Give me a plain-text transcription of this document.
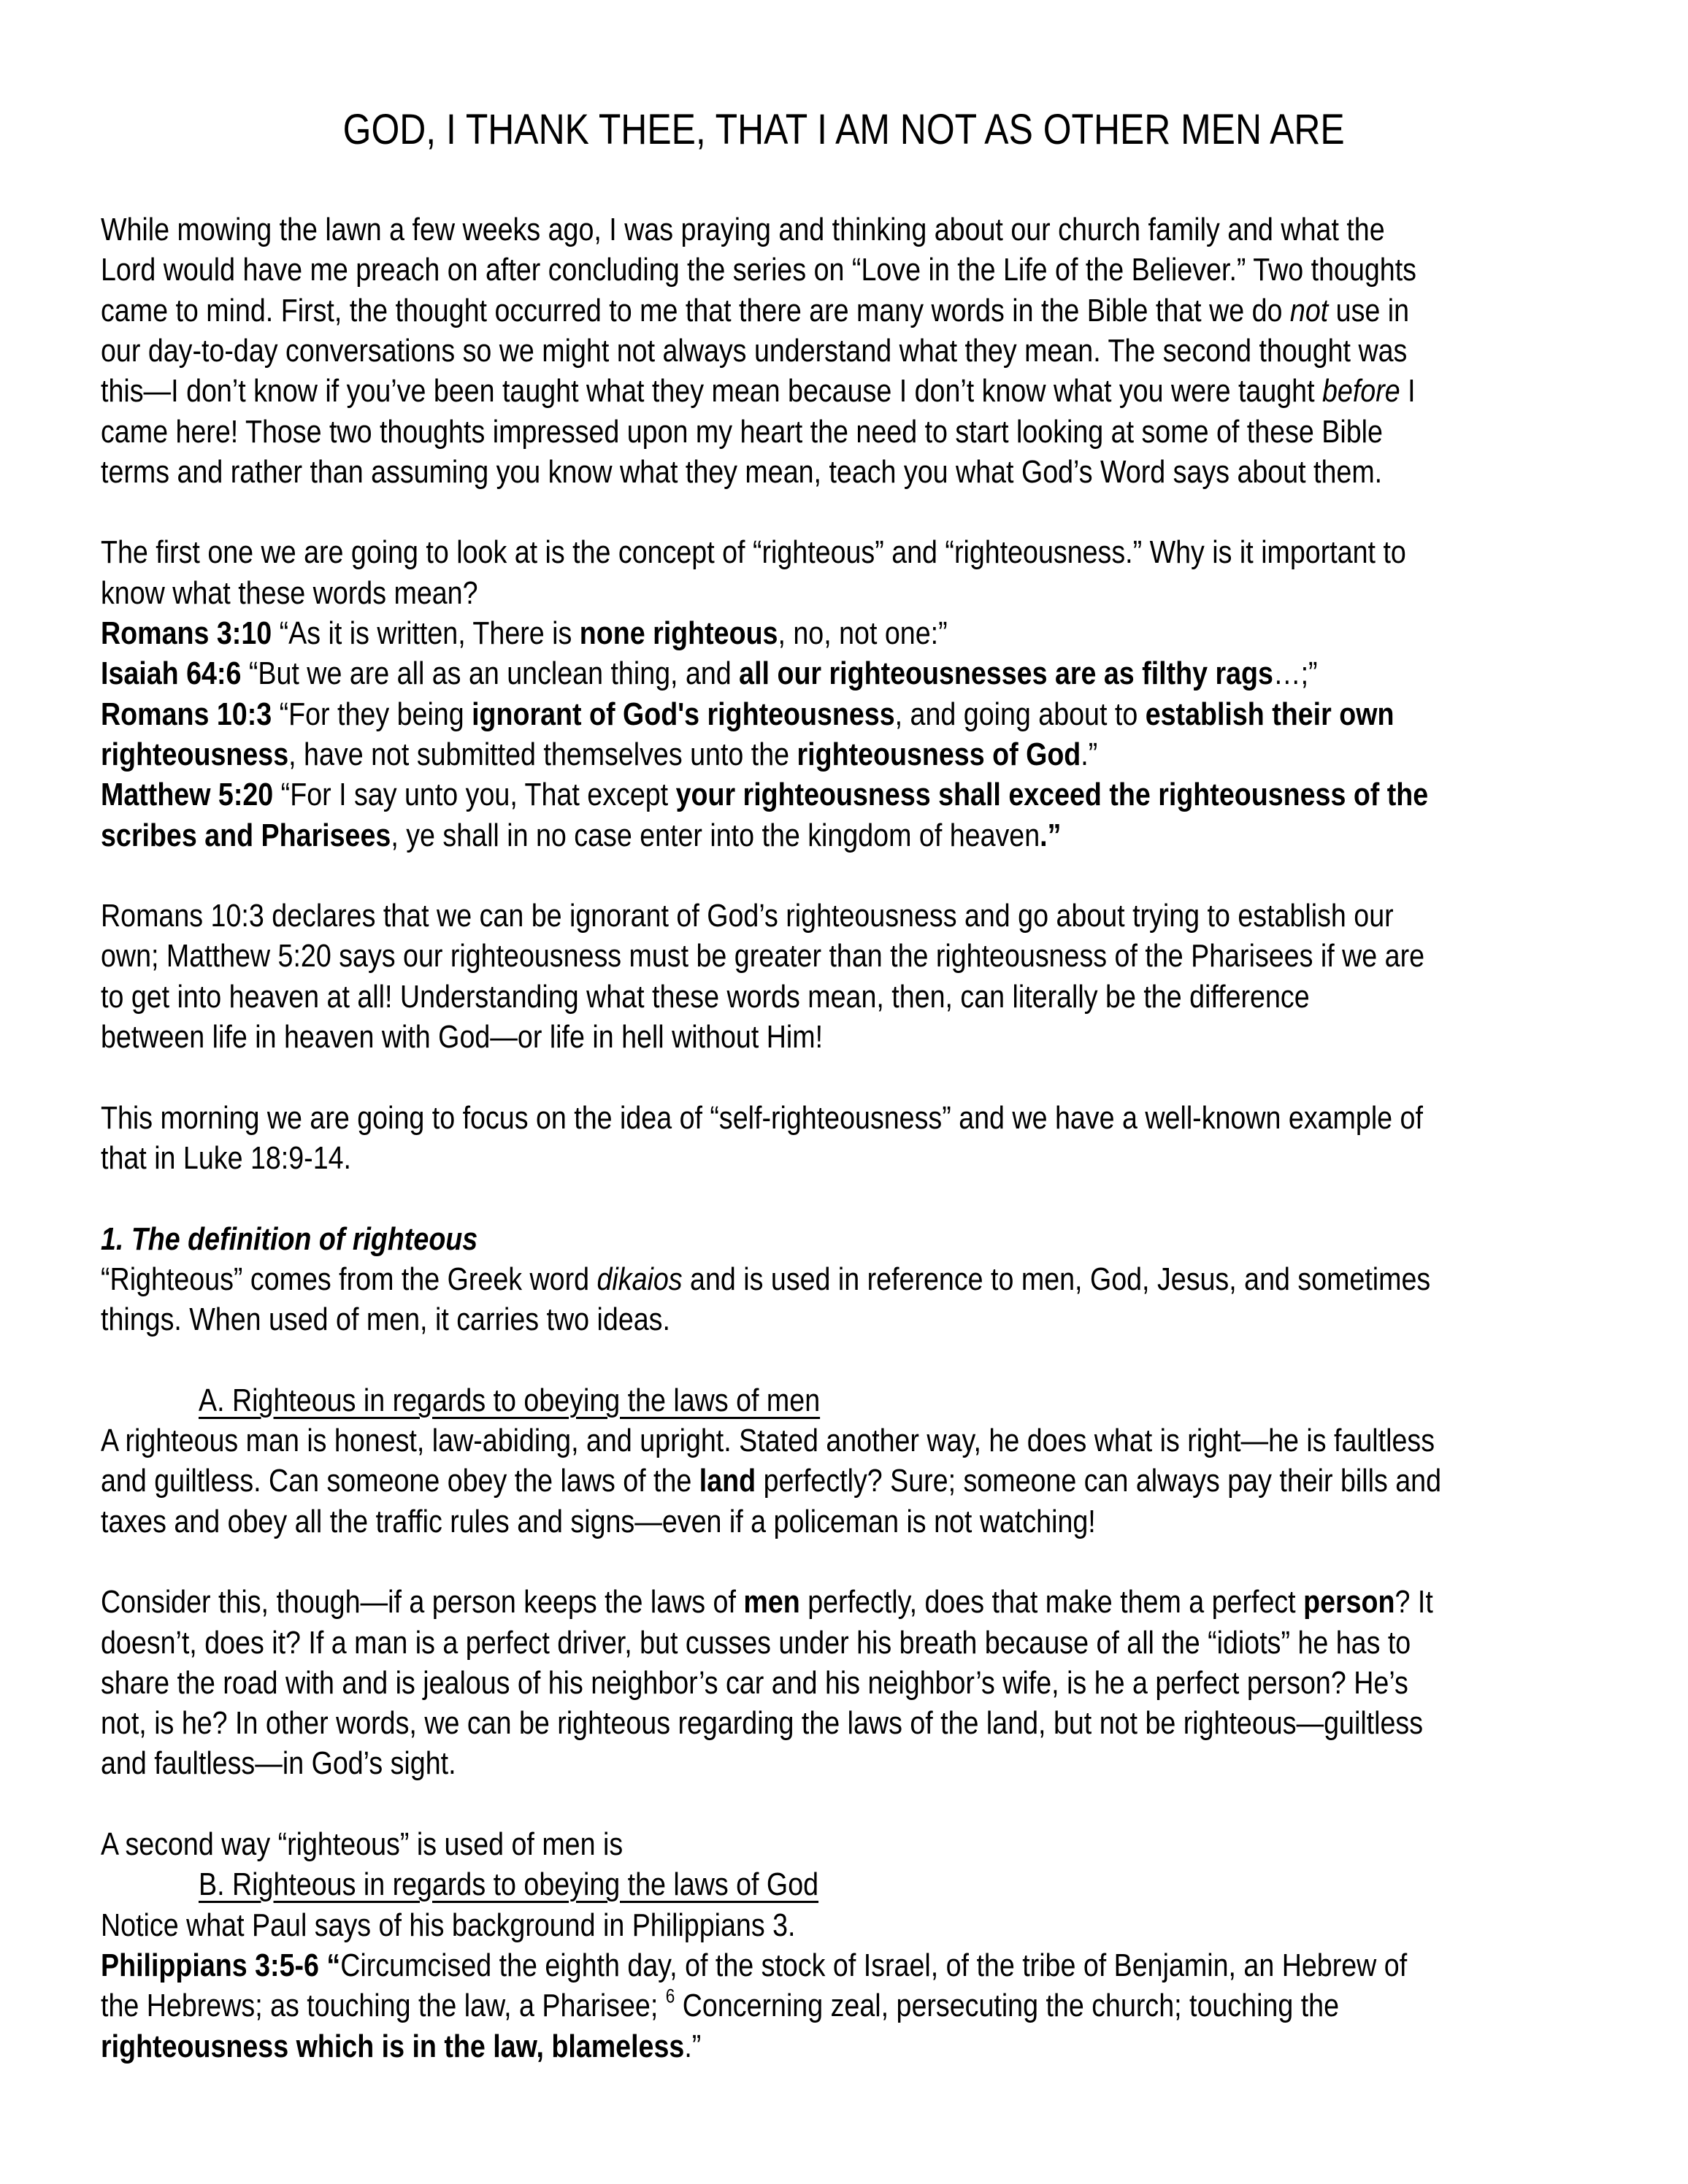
GOD, I THANK THEE, THAT I AM NOT AS OTHER MEN ARE
While mowing the lawn a few weeks ago, I was praying and thinking about our church family and what the
Lord would have me preach on after concluding the series on “Love in the Life of the Believer.” Two thoughts
came to mind. First, the thought occurred to me that there are many words in the Bible that we do not use in
our day-to-day conversations so we might not always understand what they mean. The second thought was
this—I don’t know if you’ve been taught what they mean because I don’t know what you were taught before I
came here! Those two thoughts impressed upon my heart the need to start looking at some of these Bible
terms and rather than assuming you know what they mean, teach you what God’s Word says about them.
The first one we are going to look at is the concept of “righteous” and “righteousness.” Why is it important to
know what these words mean?
Romans 3:10 “As it is written, There is none righteous, no, not one:”
Isaiah 64:6 “But we are all as an unclean thing, and all our righteousnesses are as filthy rags…;”
Romans 10:3 “For they being ignorant of God's righteousness, and going about to establish their own
righteousness, have not submitted themselves unto the righteousness of God.”
Matthew 5:20 “For I say unto you, That except your righteousness shall exceed the righteousness of the
scribes and Pharisees, ye shall in no case enter into the kingdom of heaven.”
Romans 10:3 declares that we can be ignorant of God’s righteousness and go about trying to establish our
own; Matthew 5:20 says our righteousness must be greater than the righteousness of the Pharisees if we are
to get into heaven at all! Understanding what these words mean, then, can literally be the difference
between life in heaven with God—or life in hell without Him!
This morning we are going to focus on the idea of “self-righteousness” and we have a well-known example of
that in Luke 18:9-14.
1. The definition of righteous
“Righteous” comes from the Greek word dikaios and is used in reference to men, God, Jesus, and sometimes
things. When used of men, it carries two ideas.
A. Righteous in regards to obeying the laws of men
A righteous man is honest, law-abiding, and upright. Stated another way, he does what is right—he is faultless
and guiltless. Can someone obey the laws of the land perfectly? Sure; someone can always pay their bills and
taxes and obey all the traffic rules and signs—even if a policeman is not watching!
Consider this, though—if a person keeps the laws of men perfectly, does that make them a perfect person? It
doesn’t, does it? If a man is a perfect driver, but cusses under his breath because of all the “idiots” he has to
share the road with and is jealous of his neighbor’s car and his neighbor’s wife, is he a perfect person? He’s
not, is he? In other words, we can be righteous regarding the laws of the land, but not be righteous—guiltless
and faultless—in God’s sight.
A second way “righteous” is used of men is
B. Righteous in regards to obeying the laws of God
Notice what Paul says of his background in Philippians 3.
Philippians 3:5-6 “Circumcised the eighth day, of the stock of Israel, of the tribe of Benjamin, an Hebrew of
the Hebrews; as touching the law, a Pharisee; $^6$ Concerning zeal, persecuting the church; touching the
righteousness which is in the law, blameless.”
